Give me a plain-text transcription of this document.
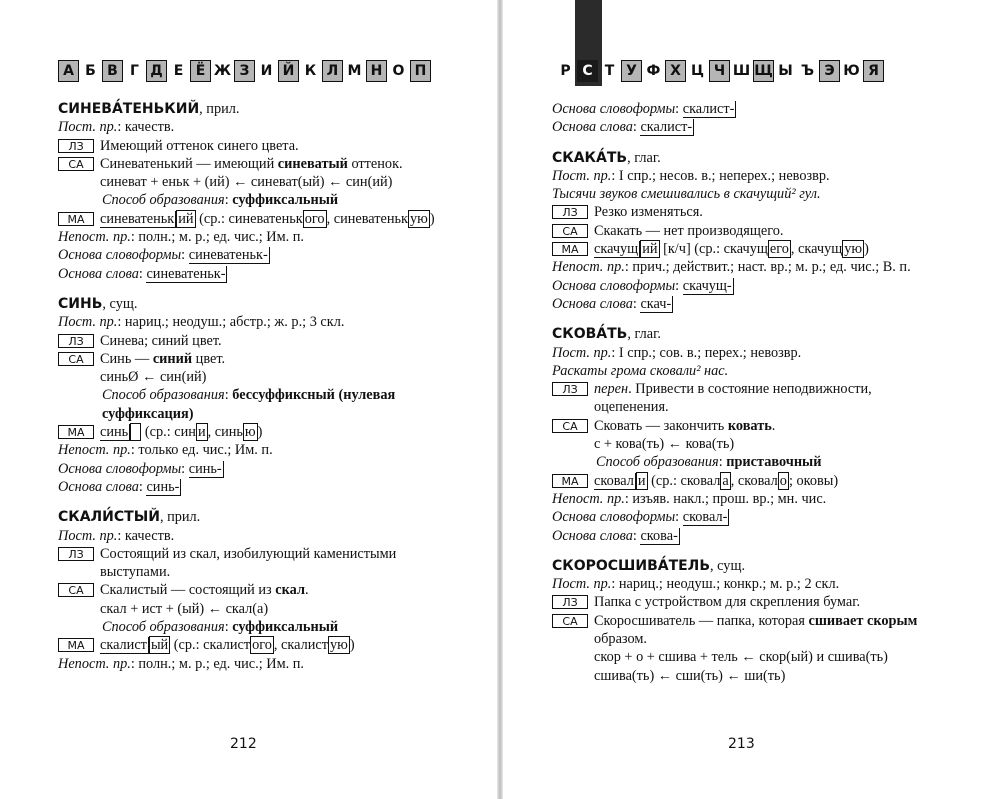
А Б В Г Д Е Ё Ж З И Й К Л М Н О П	Р С Т У Ф Х Ц Ч Ш Щ Ы Ъ Э Ю Я
СИНЕВА́ТЕНЬКИЙ, прил.
Пост. пр.: качеств.
ЛЗ	Имеющий оттенок синего цвета.
СА	Синеватенький — имеющий синеватый оттенок.
синеват + еньк + (ий) ← синеват(ый) ← син(ий)
Способ образования: суффиксальный
МА	синеватеньк ий (ср.: синеватеньк ого , синеватеньк ую )
Непост. пр.: полн.; м. р.; ед. чис.; Им. п.
Основа словоформы: синеватеньк-
Основа слова: синеватеньк-
СИНЬ, сущ.
Пост. пр.: нариц.; неодуш.; абстр.; ж. р.; 3 скл.
ЛЗ	Синева; синий цвет.
СА	Синь — синий цвет.
синьØ ← син(ий)
Способ образования: бессуффиксный (нулевая суффиксация)
МА	синь   (ср.: син и , синь ю )
Непост. пр.: только ед. чис.; Им. п.
Основа словоформы: синь-
Основа слова: синь-
СКАЛИ́СТЫЙ, прил.
Пост. пр.: качеств.
ЛЗ	Состоящий из скал, изобилующий каменистыми выступами.
СА	Скалистый — состоящий из скал.
скал + ист + (ый) ← скал(а)
Способ образования: суффиксальный
МА	скалист ый (ср.: скалист ого , скалист ую )
Непост. пр.: полн.; м. р.; ед. чис.; Им. п.
Основа словоформы: скалист-
Основа слова: скалист-
СКАКА́ТЬ, глаг.
Пост. пр.: I спр.; несов. в.; неперех.; невозвр.
Тысячи звуков смешивались в скачущий² гул.
ЛЗ	Резко изменяться.
СА	Скакать — нет производящего.
МА	скачущ ий [к/ч] (ср.: скачущ его , скачущ ую )
Непост. пр.: прич.; действит.; наст. вр.; м. р.; ед. чис.; В. п.
Основа словоформы: скачущ-
Основа слова: скач-
СКОВА́ТЬ, глаг.
Пост. пр.: I спр.; сов. в.; перех.; невозвр.
Раскаты грома сковали² нас.
ЛЗ	перен. Привести в состояние неподвижности, оцепенения.
СА	Сковать — закончить ковать.
с + кова(ть) ← кова(ть)
Способ образования: приставочный
МА	сковал и (ср.: сковал а , сковал о ; оковы)
Непост. пр.: изъяв. накл.; прош. вр.; мн. чис.
Основа словоформы: сковал-
Основа слова: скова-
СКОРОСШИВА́ТЕЛЬ, сущ.
Пост. пр.: нариц.; неодуш.; конкр.; м. р.; 2 скл.
ЛЗ	Папка с устройством для скрепления бумаг.
СА	Скоросшиватель — папка, которая сшивает скорым образом.
скор + о + сшива + тель ← скор(ый) и сшива(ть)
сшива(ть) ← сши(ть) ← ши(ть)
212	213
